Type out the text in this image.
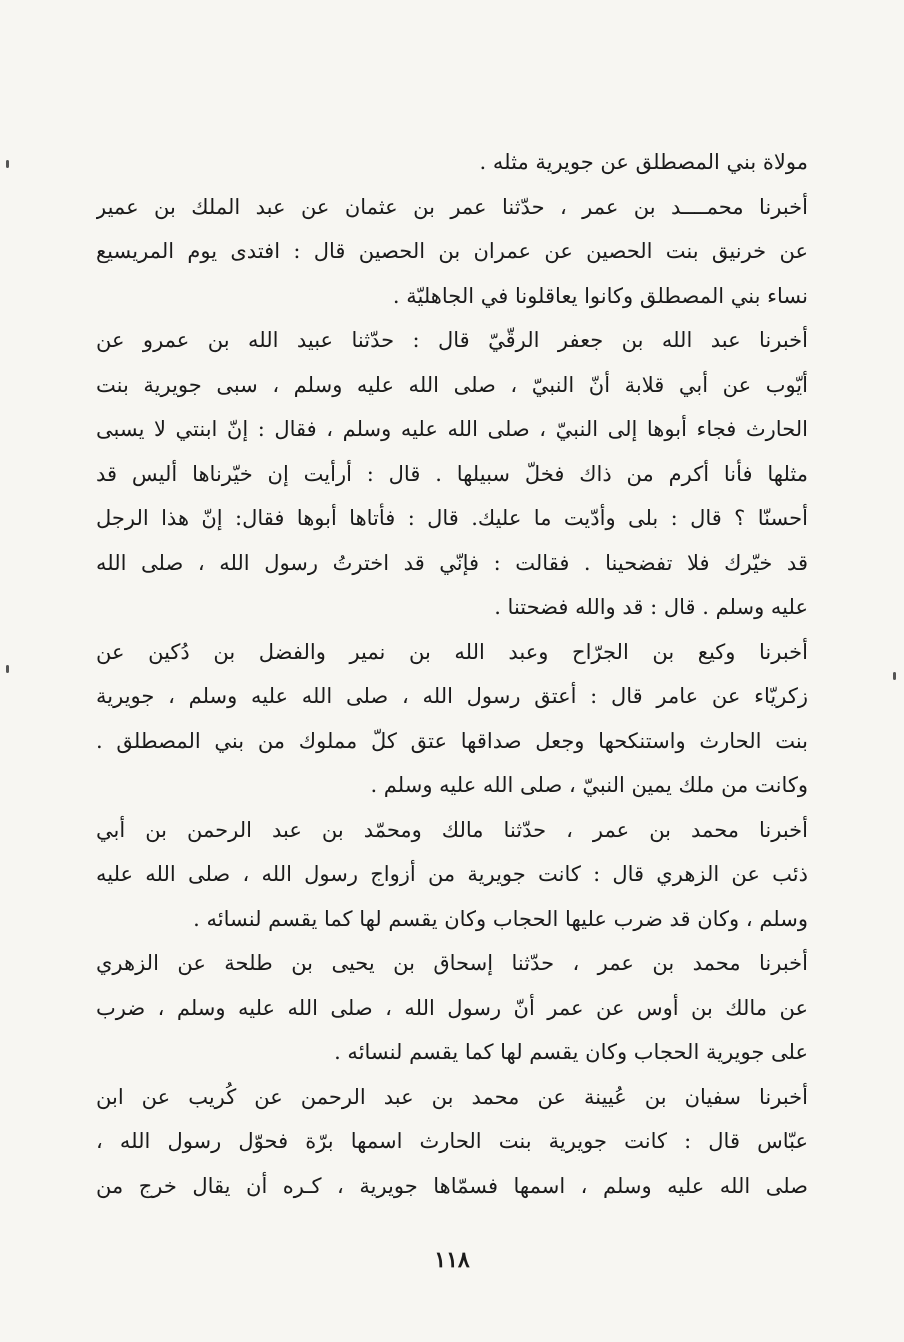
مولاة بني المصطلق عن جويرية مثله .
أخبرنا محمــــد بن عمر ، حدّثنا عمر بن عثمان عن عبد الملك بن عمير
عن خرنيق بنت الحصين عن عمران بن الحصين قال : افتدى يوم المريسيع
نساء بني المصطلق وكانوا يعاقلونا في الجاهليّة .
أخبرنا عبد الله بن جعفر الرقّيّ قال : حدّثنا عبيد الله بن عمرو عن
أيّوب عن أبي قلابة أنّ النبيّ ، صلى الله عليه وسلم ، سبى جويرية بنت
الحارث فجاء أبوها إلى النبيّ ، صلى الله عليه وسلم ، فقال : إنّ ابنتي لا يسبى
مثلها فأنا أكرم من ذاك فخلّ سبيلها . قال : أرأيت إن خيّرناها أليس قد
أحسنّا ؟ قال : بلى وأدّيت ما عليك. قال : فأتاها أبوها فقال: إنّ هذا الرجل
قد خيّرك فلا تفضحينا . فقالت : فإنّي قد اخترتُ رسول الله ، صلى الله
عليه وسلم . قال : قد والله فضحتنا .
أخبرنا وكيع بن الجرّاح وعبد الله بن نمير والفضل بن دُكين عن
زكريّاء عن عامر قال : أعتق رسول الله ، صلى الله عليه وسلم ، جويرية
بنت الحارث واستنكحها وجعل صداقها عتق كلّ مملوك من بني المصطلق .
وكانت من ملك يمين النبيّ ، صلى الله عليه وسلم .
أخبرنا محمد بن عمر ، حدّثنا مالك ومحمّد بن عبد الرحمن بن أبي
ذئب عن الزهري قال : كانت جويرية من أزواج رسول الله ، صلى الله عليه
وسلم ، وكان قد ضرب عليها الحجاب وكان يقسم لها كما يقسم لنسائه .
أخبرنا محمد بن عمر ، حدّثنا إسحاق بن يحيى بن طلحة عن الزهري
عن مالك بن أوس عن عمر أنّ رسول الله ، صلى الله عليه وسلم ، ضرب
على جويرية الحجاب وكان يقسم لها كما يقسم لنسائه .
أخبرنا سفيان بن عُيينة عن محمد بن عبد الرحمن عن كُريب عن ابن
عبّاس قال : كانت جويرية بنت الحارث اسمها برّة فحوّل رسول الله ،
صلى الله عليه وسلم ، اسمها فسمّاها جويرية ، كـره أن يقال خرج من
١١٨
